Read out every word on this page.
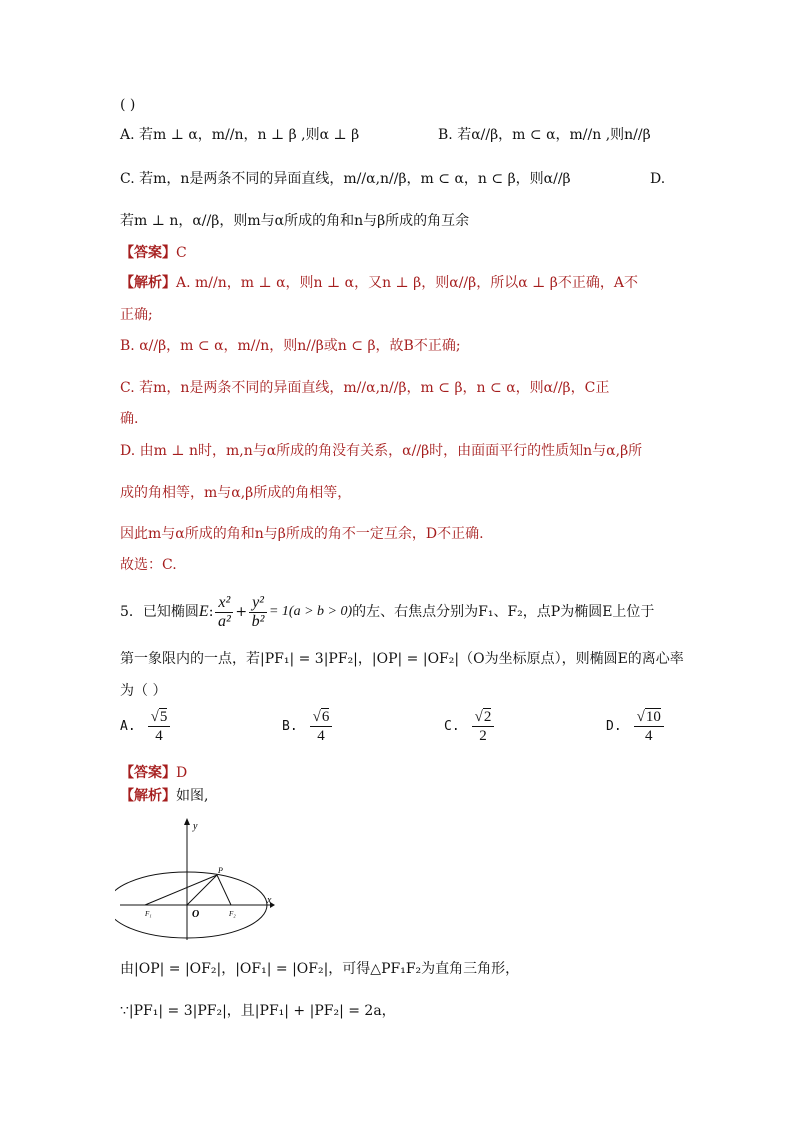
( )
A. 若m ⊥ α，m//n，n ⊥ β ,则α ⊥ β	B. 若α//β，m ⊂ α，m//n ,则n//β
C. 若m，n是两条不同的异面直线，m//α,n//β，m ⊂ α，n ⊂ β，则α//β	D.
若m ⊥ n，α//β，则m与α所成的角和n与β所成的角互余
【答案】C
【解析】A. m//n，m ⊥ α，则n ⊥ α，又n ⊥ β，则α//β，所以α ⊥ β不正确，A不
正确;
B. α//β，m ⊂ α，m//n，则n//β或n ⊂ β，故B不正确;
C. 若m，n是两条不同的异面直线，m//α,n//β，m ⊂ β，n ⊂ α，则α//β，C正
确.
D. 由m ⊥ n时，m,n与α所成的角没有关系，α//β时，由面面平行的性质知n与α,β所
成的角相等，m与α,β所成的角相等，
因此m与α所成的角和n与β所成的角不一定互余，D不正确.
故选：C.
5．已知椭圆 E : $\frac{\text{x²}}{\text{a²}} + \frac{\text{y²}}{\text{b²}} = 1(a > b > 0)$ 的左、右焦点分别为F₁、F₂，点P为椭圆E上位于
第一象限内的一点，若|PF₁| = 3|PF₂|，|OP| = |OF₂|（O为坐标原点），则椭圆E的离心率
为（ ）
A. $\frac{√5}{4}$	B. $\frac{√6}{4}$	C. $\frac{√2}{2}$	D. $\frac{√10}{4}$
【答案】D
【解析】如图,
y
x
P
O
F₁	F₂
由|OP| = |OF₂|，|OF₁| = |OF₂|，可得△PF₁F₂为直角三角形，
∵|PF₁| = 3|PF₂|，且|PF₁| + |PF₂| = 2a，
